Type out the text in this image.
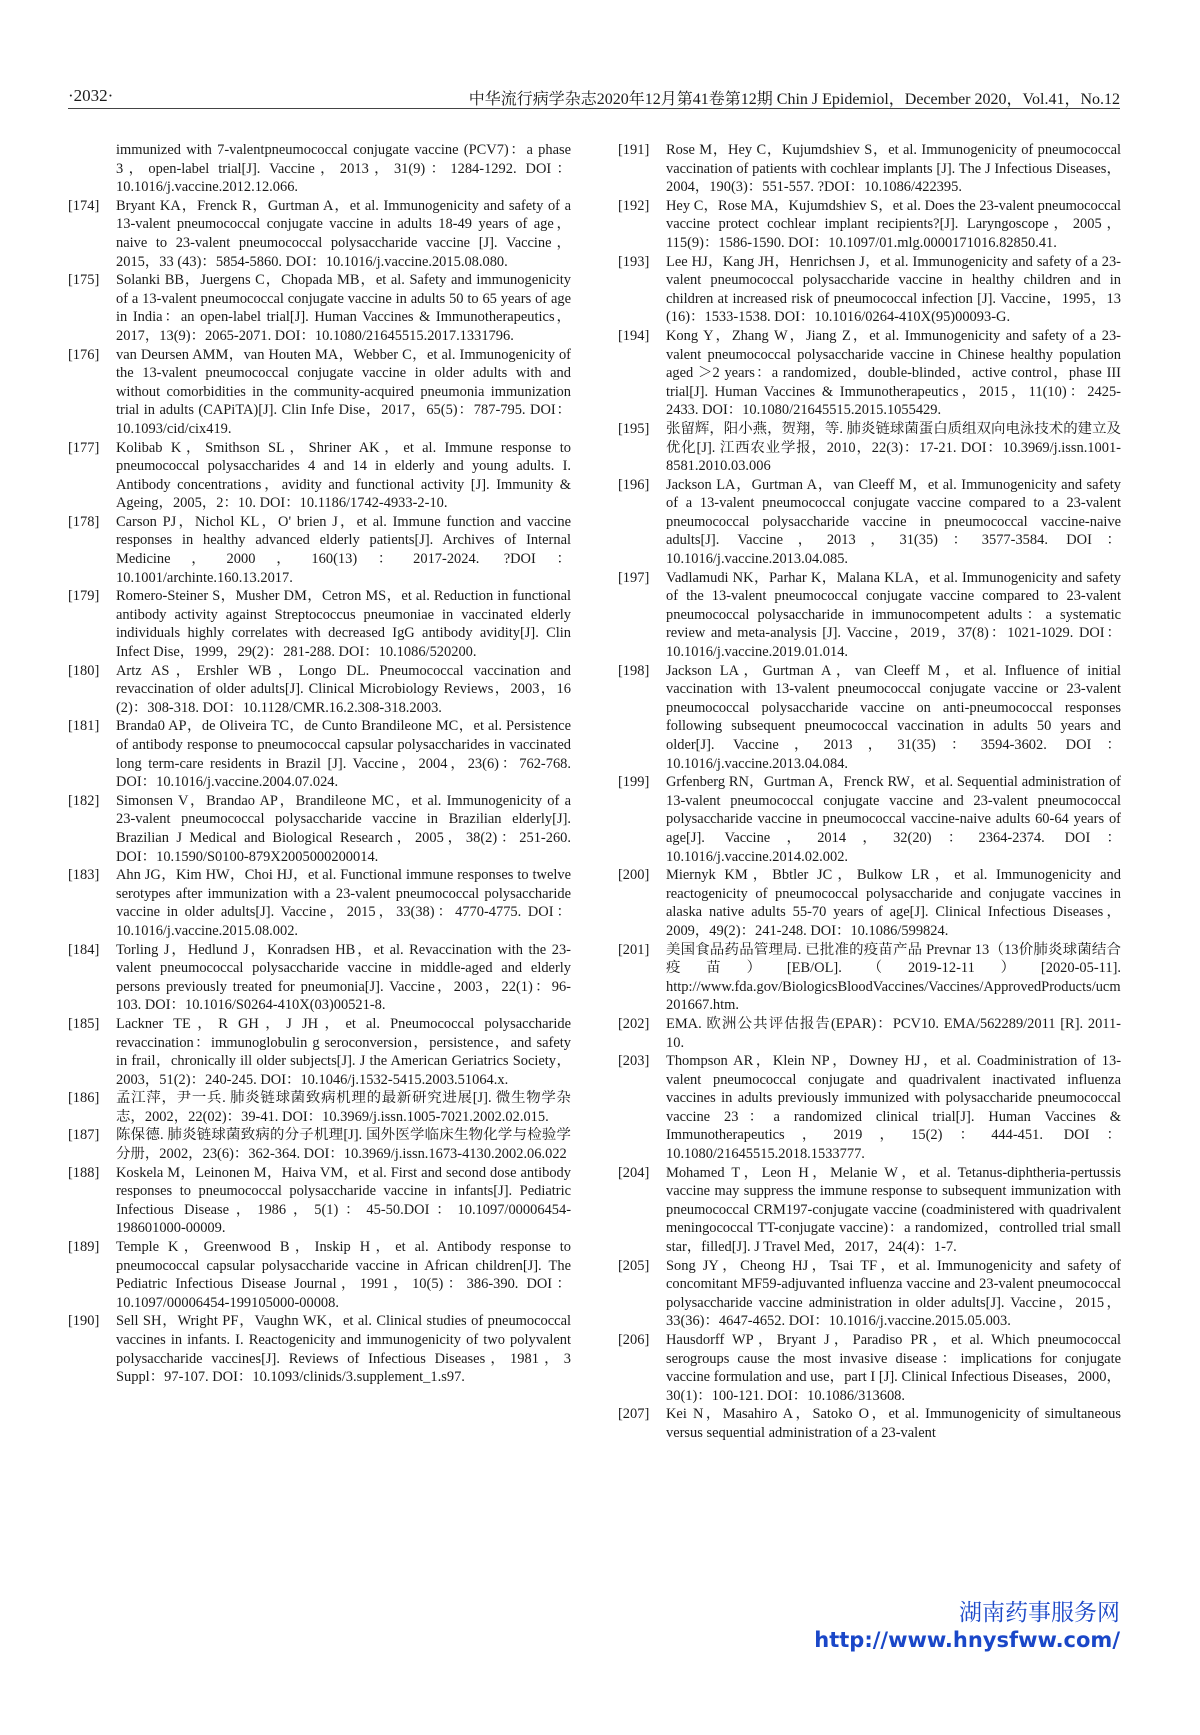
·2032·	中华流行病学杂志2020年12月第41卷第12期 Chin J Epidemiol，December 2020，Vol.41，No.12
immunized with 7-valentpneumococcal conjugate vaccine (PCV7)：a phase 3，open-label trial[J]. Vaccine，2013，31(9)：1284-1292. DOI：10.1016/j.vaccine.2012.12.066.
[174]	Bryant KA，Frenck R，Gurtman A，et al. Immunogenicity and safety of a 13-valent pneumococcal conjugate vaccine in adults 18-49 years of age，naive to 23-valent pneumococcal polysaccharide vaccine [J]. Vaccine，2015，33 (43)：5854-5860. DOI：10.1016/j.vaccine.2015.08.080.
[175]	Solanki BB，Juergens C，Chopada MB，et al. Safety and immunogenicity of a 13-valent pneumococcal conjugate vaccine in adults 50 to 65 years of age in India：an open-label trial[J]. Human Vaccines & Immunotherapeutics，2017，13(9)：2065-2071. DOI：10.1080/21645515.2017.1331796.
[176]	van Deursen AMM，van Houten MA，Webber C，et al. Immunogenicity of the 13-valent pneumococcal conjugate vaccine in older adults with and without comorbidities in the community-acquired pneumonia immunization trial in adults (CAPiTA)[J]. Clin Infe Dise，2017，65(5)：787-795. DOI：10.1093/cid/cix419.
[177]	Kolibab K，Smithson SL，Shriner AK，et al. Immune response to pneumococcal polysaccharides 4 and 14 in elderly and young adults. I. Antibody concentrations，avidity and functional activity [J]. Immunity & Ageing，2005，2：10. DOI：10.1186/1742-4933-2-10.
[178]	Carson PJ，Nichol KL，O' brien J，et al. Immune function and vaccine responses in healthy advanced elderly patients[J]. Archives of Internal Medicine，2000，160(13)：2017-2024. ?DOI：10.1001/archinte.160.13.2017.
[179]	Romero-Steiner S，Musher DM，Cetron MS，et al. Reduction in functional antibody activity against Streptococcus pneumoniae in vaccinated elderly individuals highly correlates with decreased IgG antibody avidity[J]. Clin Infect Dise，1999，29(2)：281-288. DOI：10.1086/520200.
[180]	Artz AS，Ershler WB，Longo DL. Pneumococcal vaccination and revaccination of older adults[J]. Clinical Microbiology Reviews，2003，16 (2)：308-318. DOI：10.1128/CMR.16.2.308-318.2003.
[181]	Branda0 AP，de Oliveira TC，de Cunto Brandileone MC，et al. Persistence of antibody response to pneumococcal capsular polysaccharides in vaccinated long term-care residents in Brazil [J]. Vaccine，2004，23(6)：762-768. DOI：10.1016/j.vaccine.2004.07.024.
[182]	Simonsen V，Brandao AP，Brandileone MC，et al. Immunogenicity of a 23-valent pneumococcal polysaccharide vaccine in Brazilian elderly[J]. Brazilian J Medical and Biological Research，2005，38(2)：251-260. DOI：10.1590/S0100-879X2005000200014.
[183]	Ahn JG，Kim HW，Choi HJ，et al. Functional immune responses to twelve serotypes after immunization with a 23-valent pneumococcal polysaccharide vaccine in older adults[J]. Vaccine，2015，33(38)：4770-4775. DOI：10.1016/j.vaccine.2015.08.002.
[184]	Torling J，Hedlund J，Konradsen HB，et al. Revaccination with the 23-valent pneumococcal polysaccharide vaccine in middle-aged and elderly persons previously treated for pneumonia[J]. Vaccine，2003，22(1)：96-103. DOI：10.1016/S0264-410X(03)00521-8.
[185]	Lackner TE，R GH，J JH，et al. Pneumococcal polysaccharide revaccination：immunoglobulin g seroconversion，persistence，and safety in frail，chronically ill older subjects[J]. J the American Geriatrics Society，2003，51(2)：240-245. DOI：10.1046/j.1532-5415.2003.51064.x.
[186]	孟江萍，尹一兵. 肺炎链球菌致病机理的最新研究进展[J]. 微生物学杂志，2002，22(02)：39-41. DOI：10.3969/j.issn.1005-7021.2002.02.015.
[187]	陈保德. 肺炎链球菌致病的分子机理[J]. 国外医学临床生物化学与检验学分册，2002，23(6)：362-364. DOI：10.3969/j.issn.1673-4130.2002.06.022
[188]	Koskela M，Leinonen M，Haiva VM，et al. First and second dose antibody responses to pneumococcal polysaccharide vaccine in infants[J]. Pediatric Infectious Disease，1986，5(1)：45-50.DOI：10.1097/00006454-198601000-00009.
[189]	Temple K，Greenwood B，Inskip H，et al. Antibody response to pneumococcal capsular polysaccharide vaccine in African children[J]. The Pediatric Infectious Disease Journal，1991，10(5)：386-390. DOI：10.1097/00006454-199105000-00008.
[190]	Sell SH，Wright PF，Vaughn WK，et al. Clinical studies of pneumococcal vaccines in infants. I. Reactogenicity and immunogenicity of two polyvalent polysaccharide vaccines[J]. Reviews of Infectious Diseases，1981，3 Suppl：97-107. DOI：10.1093/clinids/3.supplement_1.s97.
[191]	Rose M，Hey C，Kujumdshiev S，et al. Immunogenicity of pneumococcal vaccination of patients with cochlear implants [J]. The J Infectious Diseases，2004，190(3)：551-557. ?DOI：10.1086/422395.
[192]	Hey C，Rose MA，Kujumdshiev S，et al. Does the 23-valent pneumococcal vaccine protect cochlear implant recipients?[J]. Laryngoscope，2005，115(9)：1586-1590. DOI：10.1097/01.mlg.0000171016.82850.41.
[193]	Lee HJ，Kang JH，Henrichsen J，et al. Immunogenicity and safety of a 23-valent pneumococcal polysaccharide vaccine in healthy children and in children at increased risk of pneumococcal infection [J]. Vaccine，1995，13 (16)：1533-1538. DOI：10.1016/0264-410X(95)00093-G.
[194]	Kong Y，Zhang W，Jiang Z，et al. Immunogenicity and safety of a 23-valent pneumococcal polysaccharide vaccine in Chinese healthy population aged ＞2 years：a randomized，double-blinded，active control，phase III trial[J]. Human Vaccines & Immunotherapeutics，2015，11(10)：2425-2433. DOI：10.1080/21645515.2015.1055429.
[195]	张留辉，阳小燕，贺翔，等. 肺炎链球菌蛋白质组双向电泳技术的建立及优化[J]. 江西农业学报，2010，22(3)：17-21. DOI：10.3969/j.issn.1001-8581.2010.03.006
[196]	Jackson LA，Gurtman A，van Cleeff M，et al. Immunogenicity and safety of a 13-valent pneumococcal conjugate vaccine compared to a 23-valent pneumococcal polysaccharide vaccine in pneumococcal vaccine-naive adults[J]. Vaccine，2013，31(35)：3577-3584. DOI：10.1016/j.vaccine.2013.04.085.
[197]	Vadlamudi NK，Parhar K，Malana KLA，et al. Immunogenicity and safety of the 13-valent pneumococcal conjugate vaccine compared to 23-valent pneumococcal polysaccharide in immunocompetent adults：a systematic review and meta-analysis [J]. Vaccine，2019，37(8)：1021-1029. DOI：10.1016/j.vaccine.2019.01.014.
[198]	Jackson LA，Gurtman A，van Cleeff M，et al. Influence of initial vaccination with 13-valent pneumococcal conjugate vaccine or 23-valent pneumococcal polysaccharide vaccine on anti-pneumococcal responses following subsequent pneumococcal vaccination in adults 50 years and older[J]. Vaccine，2013，31(35)：3594-3602. DOI：10.1016/j.vaccine.2013.04.084.
[199]	Grfenberg RN，Gurtman A，Frenck RW，et al. Sequential administration of 13-valent pneumococcal conjugate vaccine and 23-valent pneumococcal polysaccharide vaccine in pneumococcal vaccine-naive adults 60-64 years of age[J]. Vaccine，2014，32(20)：2364-2374. DOI：10.1016/j.vaccine.2014.02.002.
[200]	Miernyk KM，Bbtler JC，Bulkow LR，et al. Immunogenicity and reactogenicity of pneumococcal polysaccharide and conjugate vaccines in alaska native adults 55-70 years of age[J]. Clinical Infectious Diseases，2009，49(2)：241-248. DOI：10.1086/599824.
[201]	美国食品药品管理局. 已批准的疫苗产品 Prevnar 13（13价肺炎球菌结合疫苗）[EB/OL].（2019-12-11）[2020-05-11]. http://www.fda.gov/BiologicsBloodVaccines/Vaccines/ApprovedProducts/ucm201667.htm.
[202]	EMA. 欧洲公共评估报告(EPAR)：PCV10. EMA/562289/2011 [R]. 2011-10.
[203]	Thompson AR，Klein NP，Downey HJ，et al. Coadministration of 13-valent pneumococcal conjugate and quadrivalent inactivated influenza vaccines in adults previously immunized with polysaccharide pneumococcal vaccine 23：a randomized clinical trial[J]. Human Vaccines & Immunotherapeutics，2019，15(2)：444-451. DOI：10.1080/21645515.2018.1533777.
[204]	Mohamed T，Leon H，Melanie W，et al. Tetanus-diphtheria-pertussis vaccine may suppress the immune response to subsequent immunization with pneumococcal CRM197-conjugate vaccine (coadministered with quadrivalent meningococcal TT-conjugate vaccine)：a randomized，controlled trial small star，filled[J]. J Travel Med，2017，24(4)：1-7.
[205]	Song JY，Cheong HJ，Tsai TF，et al. Immunogenicity and safety of concomitant MF59-adjuvanted influenza vaccine and 23-valent pneumococcal polysaccharide vaccine administration in older adults[J]. Vaccine，2015，33(36)：4647-4652. DOI：10.1016/j.vaccine.2015.05.003.
[206]	Hausdorff WP，Bryant J，Paradiso PR，et al. Which pneumococcal serogroups cause the most invasive disease：implications for conjugate vaccine formulation and use，part I [J]. Clinical Infectious Diseases，2000，30(1)：100-121. DOI：10.1086/313608.
[207]	Kei N，Masahiro A，Satoko O，et al. Immunogenicity of simultaneous versus sequential administration of a 23-valent
湖南药事服务网
http://www.hnysfww.com/
